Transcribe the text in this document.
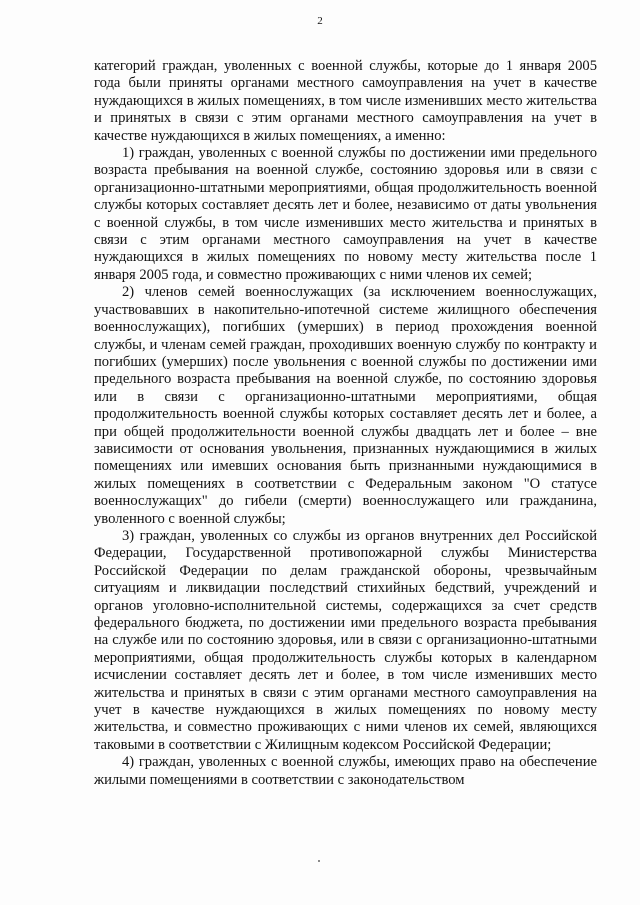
2

категорий граждан, уволенных с военной службы, которые до 1 января 2005 года были приняты органами местного самоуправления на учет в качестве нуждающихся в жилых помещениях, в том числе изменивших место жительства и принятых в связи с этим органами местного самоуправления на учет в качестве нуждающихся в жилых помещениях, а именно:

1) граждан, уволенных с военной службы по достижении ими предельного возраста пребывания на военной службе, состоянию здоровья или в связи с организационно-штатными мероприятиями, общая продолжительность военной службы которых составляет десять лет и более, независимо от даты увольнения с военной службы, в том числе изменивших место жительства и принятых в связи с этим органами местного самоуправления на учет в качестве нуждающихся в жилых помещениях по новому месту жительства после 1 января 2005 года, и совместно проживающих с ними членов их семей;

2) членов семей военнослужащих (за исключением военнослужащих, участвовавших в накопительно-ипотечной системе жилищного обеспечения военнослужащих), погибших (умерших) в период прохождения военной службы, и членам семей граждан, проходивших военную службу по контракту и погибших (умерших) после увольнения с военной службы по достижении ими предельного возраста пребывания на военной службе, по состоянию здоровья или в связи с организационно-штатными мероприятиями, общая продолжительность военной службы которых составляет десять лет и более, а при общей продолжительности военной службы двадцать лет и более – вне зависимости от основания увольнения, признанных нуждающимися в жилых помещениях или имевших основания быть признанными нуждающимися в жилых помещениях в соответствии с Федеральным законом "О статусе военнослужащих" до гибели (смерти) военнослужащего или гражданина, уволенного с военной службы;

3) граждан, уволенных со службы из органов внутренних дел Российской Федерации, Государственной противопожарной службы Министерства Российской Федерации по делам гражданской обороны, чрезвычайным ситуациям и ликвидации последствий стихийных бедствий, учреждений и органов уголовно-исполнительной системы, содержащихся за счет средств федерального бюджета, по достижении ими предельного возраста пребывания на службе или по состоянию здоровья, или в связи с организационно-штатными мероприятиями, общая продолжительность службы которых в календарном исчислении составляет десять лет и более, в том числе изменивших место жительства и принятых в связи с этим органами местного самоуправления на учет в качестве нуждающихся в жилых помещениях по новому месту жительства, и совместно проживающих с ними членов их семей, являющихся таковыми в соответствии с Жилищным кодексом Российской Федерации;

4) граждан, уволенных с военной службы, имеющих право на обеспечение жилыми помещениями в соответствии с законодательством
